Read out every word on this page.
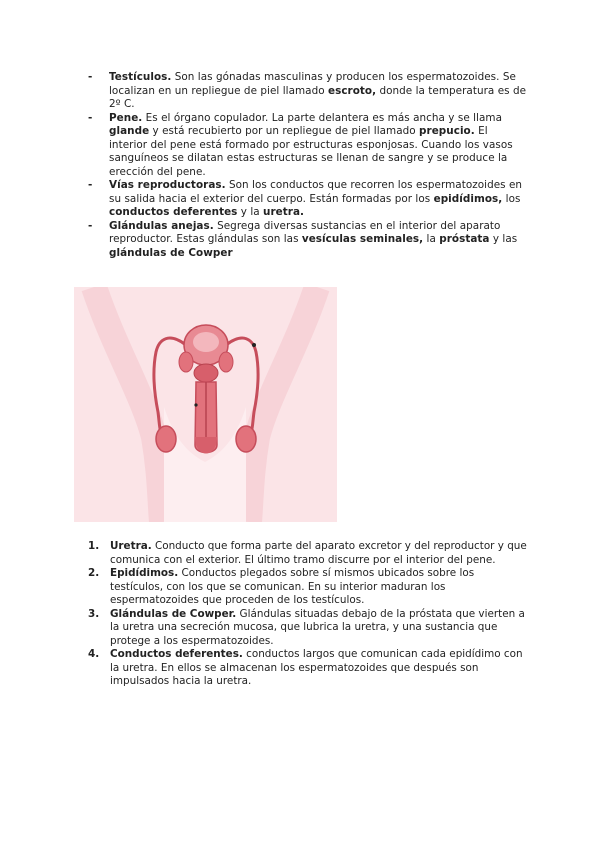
- Testículos. Son las gónadas masculinas y producen los espermatozoides. Se localizan en un repliegue de piel llamado escroto, donde la temperatura es de 2º C.
- Pene. Es el órgano copulador. La parte delantera es más ancha y se llama glande y está recubierto por un repliegue de piel llamado prepucio. El interior del pene está formado por estructuras esponjosas. Cuando los vasos sanguíneos se dilatan estas estructuras se llenan de sangre y se produce la erección del pene.
- Vías reproductoras. Son los conductos que recorren los espermatozoides en su salida hacia el exterior del cuerpo. Están formadas por los epidídimos, los conductos deferentes y la uretra.
- Glándulas anejas. Segrega diversas sustancias en el interior del aparato reproductor. Estas glándulas son las vesículas seminales, la próstata y las glándulas de Cowper
1. Uretra. Conducto que forma parte del aparato excretor y del reproductor y que comunica con el exterior. El último tramo discurre por el interior del pene.
2. Epidídimos. Conductos plegados sobre sí mismos ubicados sobre los testículos, con los que se comunican. En su interior maduran los espermatozoides que proceden de los testículos.
3. Glándulas de Cowper. Glándulas situadas debajo de la próstata que vierten a la uretra una secreción mucosa, que lubrica la uretra, y una sustancia que protege a los espermatozoides.
4. Conductos deferentes. conductos largos que comunican cada epidídimo con la uretra. En ellos se almacenan los espermatozoides que después son impulsados hacia la uretra.
